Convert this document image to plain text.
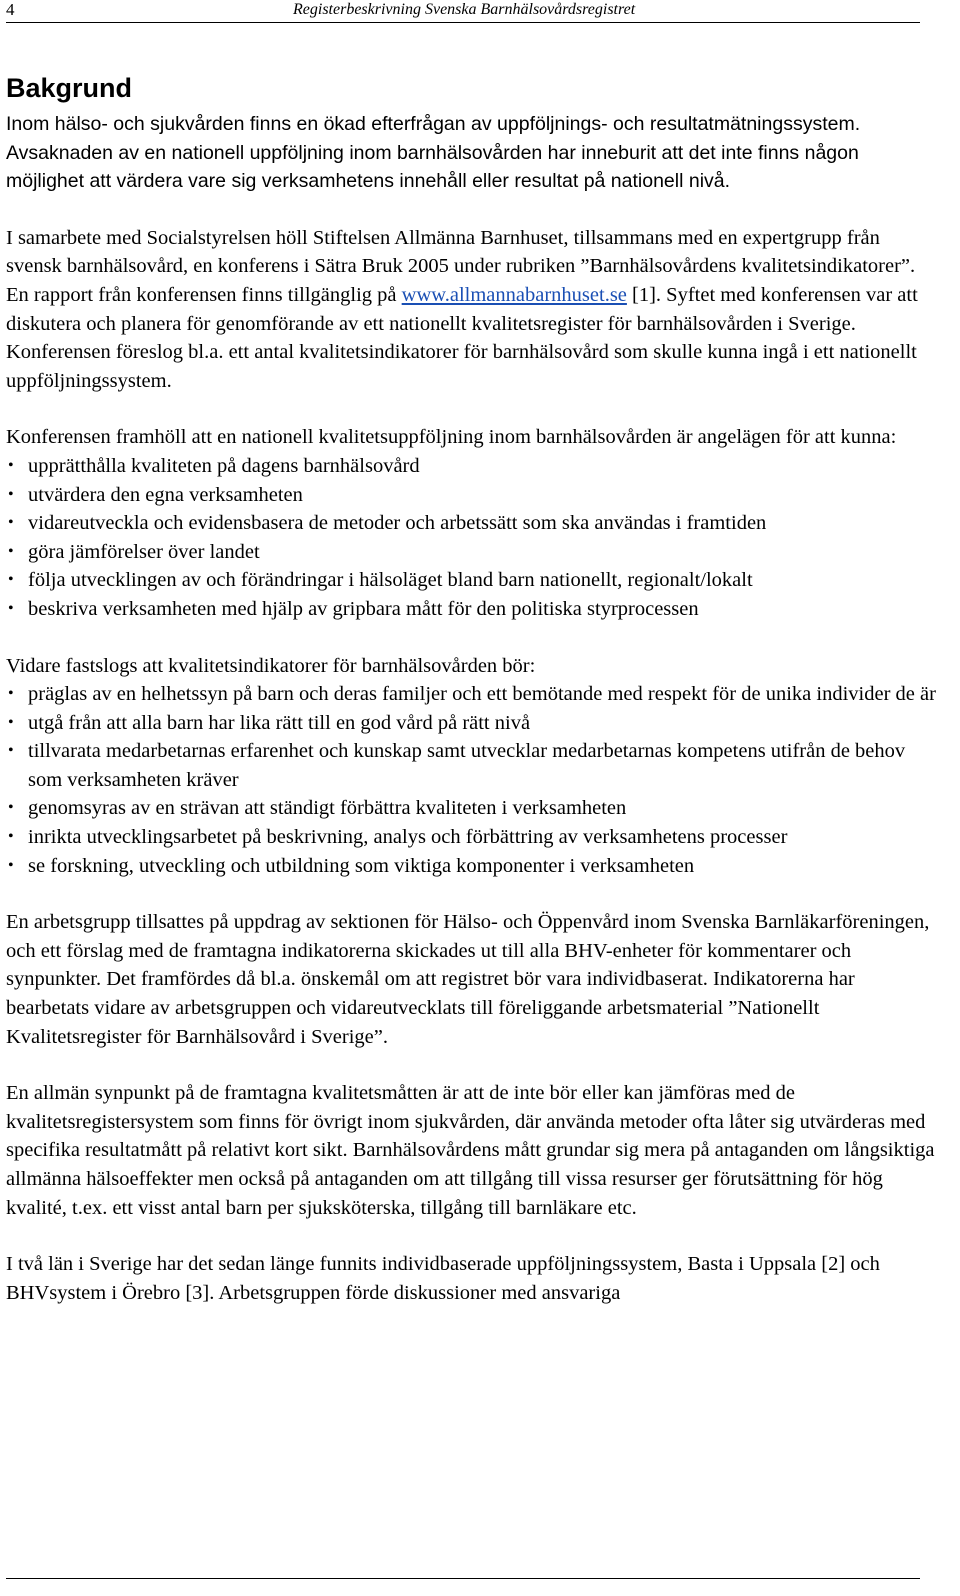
4	Registerbeskrivning Svenska Barnhälsovårdsregistret
Bakgrund

Inom hälso- och sjukvården finns en ökad efterfrågan av uppföljnings- och resultatmätningssystem. Avsaknaden av en nationell uppföljning inom barnhälsovården har inneburit att det inte finns någon möjlighet att värdera vare sig verksamhetens innehåll eller resultat på nationell nivå.

I samarbete med Socialstyrelsen höll Stiftelsen Allmänna Barnhuset, tillsammans med en expertgrupp från svensk barnhälsovård, en konferens i Sätra Bruk 2005 under rubriken ”Barnhälsovårdens kvalitetsindikatorer”. En rapport från konferensen finns tillgänglig på www.allmannabarnhuset.se [1]. Syftet med konferensen var att diskutera och planera för genomförande av ett nationellt kvalitetsregister för barnhälsovården i Sverige. Konferensen föreslog bl.a. ett antal kvalitetsindikatorer för barnhälsovård som skulle kunna ingå i ett nationellt uppföljningssystem.

Konferensen framhöll att en nationell kvalitetsuppföljning inom barnhälsovården är angelägen för att kunna:

• upprätthålla kvaliteten på dagens barnhälsovård
• utvärdera den egna verksamheten
• vidareutveckla och evidensbasera de metoder och arbetssätt som ska användas i framtiden
• göra jämförelser över landet
• följa utvecklingen av och förändringar i hälsoläget bland barn nationellt, regionalt/lokalt
• beskriva verksamheten med hjälp av gripbara mått för den politiska styrprocessen

Vidare fastslogs att kvalitetsindikatorer för barnhälsovården bör:

• präglas av en helhetssyn på barn och deras familjer och ett bemötande med respekt för de unika individer de är
• utgå från att alla barn har lika rätt till en god vård på rätt nivå
• tillvarata medarbetarnas erfarenhet och kunskap samt utvecklar medarbetarnas kompetens utifrån de behov som verksamheten kräver
• genomsyras av en strävan att ständigt förbättra kvaliteten i verksamheten
• inrikta utvecklingsarbetet på beskrivning, analys och förbättring av verksamhetens processer
• se forskning, utveckling och utbildning som viktiga komponenter i verksamheten

En arbetsgrupp tillsattes på uppdrag av sektionen för Hälso- och Öppenvård inom Svenska Barnläkarföreningen, och ett förslag med de framtagna indikatorerna skickades ut till alla BHV-enheter för kommentarer och synpunkter. Det framfördes då bl.a. önskemål om att registret bör vara individbaserat. Indikatorerna har bearbetats vidare av arbetsgruppen och vidareutvecklats till föreliggande arbetsmaterial ”Nationellt Kvalitetsregister för Barnhälsovård i Sverige”.

En allmän synpunkt på de framtagna kvalitetsmåtten är att de inte bör eller kan jämföras med de kvalitetsregistersystem som finns för övrigt inom sjukvården, där använda metoder ofta låter sig utvärderas med specifika resultatmått på relativt kort sikt. Barnhälsovårdens mått grundar sig mera på antaganden om långsiktiga allmänna hälsoeffekter men också på antaganden om att tillgång till vissa resurser ger förutsättning för hög kvalité, t.ex. ett visst antal barn per sjuksköterska, tillgång till barnläkare etc.

I två län i Sverige har det sedan länge funnits individbaserade uppföljningssystem, Basta i Uppsala [2] och BHVsystem i Örebro [3]. Arbetsgruppen förde diskussioner med ansvariga
